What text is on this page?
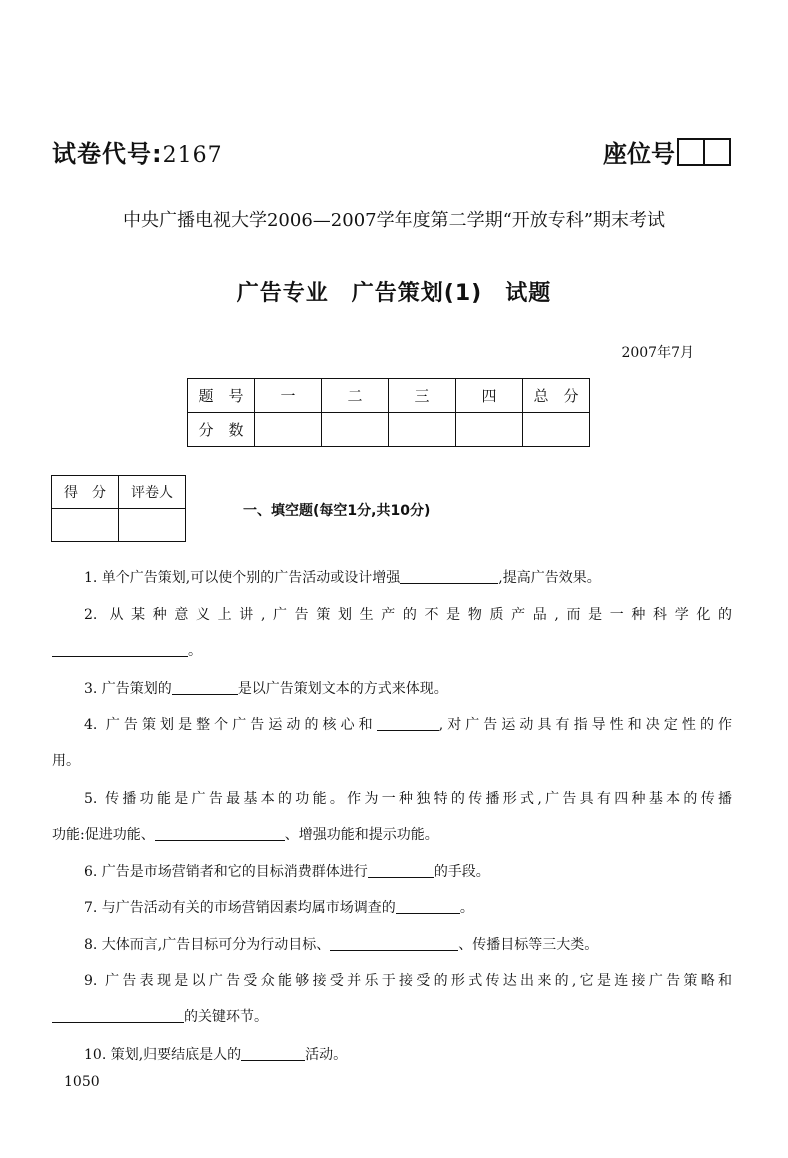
试卷代号:2167	座位号
中央广播电视大学2006—2007学年度第二学期“开放专科”期末考试
广告专业　广告策划(1)　试题
2007年7月
题　号	一	二	三	四	总　分
分　数					
得　分	评卷人

一、填空题(每空1分,共10分)
1. 单个广告策划,可以使个别的广告活动或设计增强	,提高广告效果。
2. 从某种意义上讲,广告策划生产的不是物质产品,而是一种科学化的
。
3. 广告策划的	是以广告策划文本的方式来体现。
4. 广告策划是整个广告运动的核心和	,对广告运动具有指导性和决定性的作
用。
5. 传播功能是广告最基本的功能。作为一种独特的传播形式,广告具有四种基本的传播
功能:促进功能、	、增强功能和提示功能。
6. 广告是市场营销者和它的目标消费群体进行	的手段。
7. 与广告活动有关的市场营销因素均属市场调查的	。
8. 大体而言,广告目标可分为行动目标、	、传播目标等三大类。
9. 广告表现是以广告受众能够接受并乐于接受的形式传达出来的,它是连接广告策略和
的关键环节。
10. 策划,归要结底是人的	活动。
1050
